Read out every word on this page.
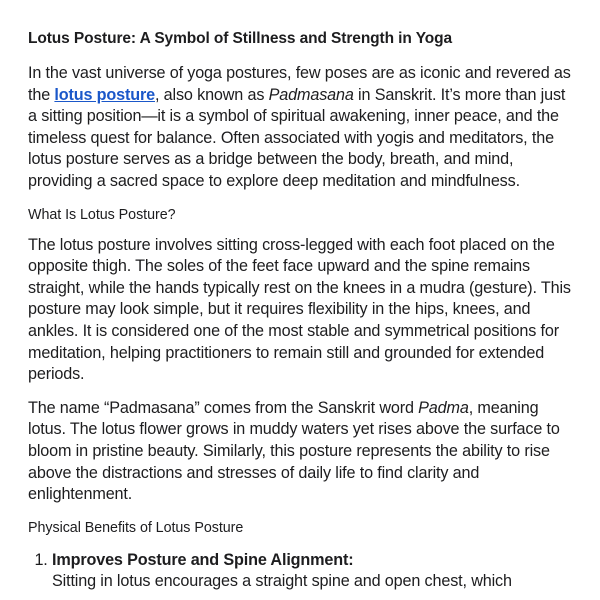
Lotus Posture: A Symbol of Stillness and Strength in Yoga

In the vast universe of yoga postures, few poses are as iconic and revered as the lotus posture, also known as Padmasana in Sanskrit. It’s more than just a sitting position—it is a symbol of spiritual awakening, inner peace, and the timeless quest for balance. Often associated with yogis and meditators, the lotus posture serves as a bridge between the body, breath, and mind, providing a sacred space to explore deep meditation and mindfulness.

What Is Lotus Posture?

The lotus posture involves sitting cross-legged with each foot placed on the opposite thigh. The soles of the feet face upward and the spine remains straight, while the hands typically rest on the knees in a mudra (gesture). This posture may look simple, but it requires flexibility in the hips, knees, and ankles. It is considered one of the most stable and symmetrical positions for meditation, helping practitioners to remain still and grounded for extended periods.

The name “Padmasana” comes from the Sanskrit word Padma, meaning lotus. The lotus flower grows in muddy waters yet rises above the surface to bloom in pristine beauty. Similarly, this posture represents the ability to rise above the distractions and stresses of daily life to find clarity and enlightenment.

Physical Benefits of Lotus Posture
1. Improves Posture and Spine Alignment:
Sitting in lotus encourages a straight spine and open chest, which
